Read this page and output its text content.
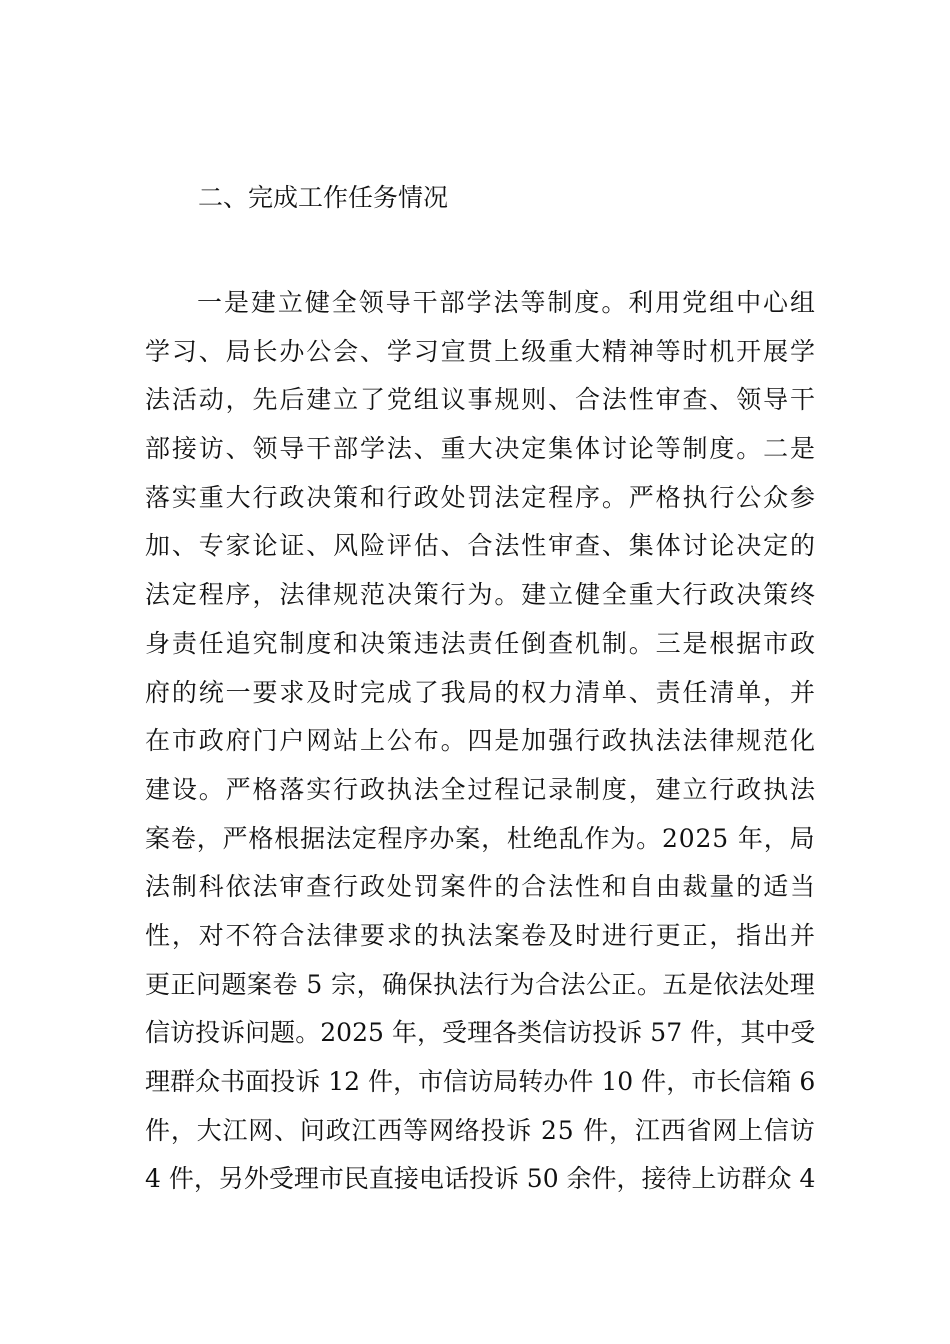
二、完成工作任务情况
一是建立健全领导干部学法等制度。利用党组中心组
学习、局长办公会、学习宣贯上级重大精神等时机开展学
法活动，先后建立了党组议事规则、合法性审查、领导干
部接访、领导干部学法、重大决定集体讨论等制度。二是
落实重大行政决策和行政处罚法定程序。严格执行公众参
加、专家论证、风险评估、合法性审查、集体讨论决定的
法定程序，法律规范决策行为。建立健全重大行政决策终
身责任追究制度和决策违法责任倒查机制。三是根据市政
府的统一要求及时完成了我局的权力清单、责任清单，并
在市政府门户网站上公布。四是加强行政执法法律规范化
建设。严格落实行政执法全过程记录制度，建立行政执法
案卷，严格根据法定程序办案，杜绝乱作为。2025 年，局
法制科依法审查行政处罚案件的合法性和自由裁量的适当
性，对不符合法律要求的执法案卷及时进行更正，指出并
更正问题案卷 5 宗，确保执法行为合法公正。五是依法处理
信访投诉问题。2025 年，受理各类信访投诉 57 件，其中受
理群众书面投诉 12 件，市信访局转办件 10 件，市长信箱 6
件，大江网、问政江西等网络投诉 25 件，江西省网上信访
4 件，另外受理市民直接电话投诉 50 余件，接待上访群众 4
